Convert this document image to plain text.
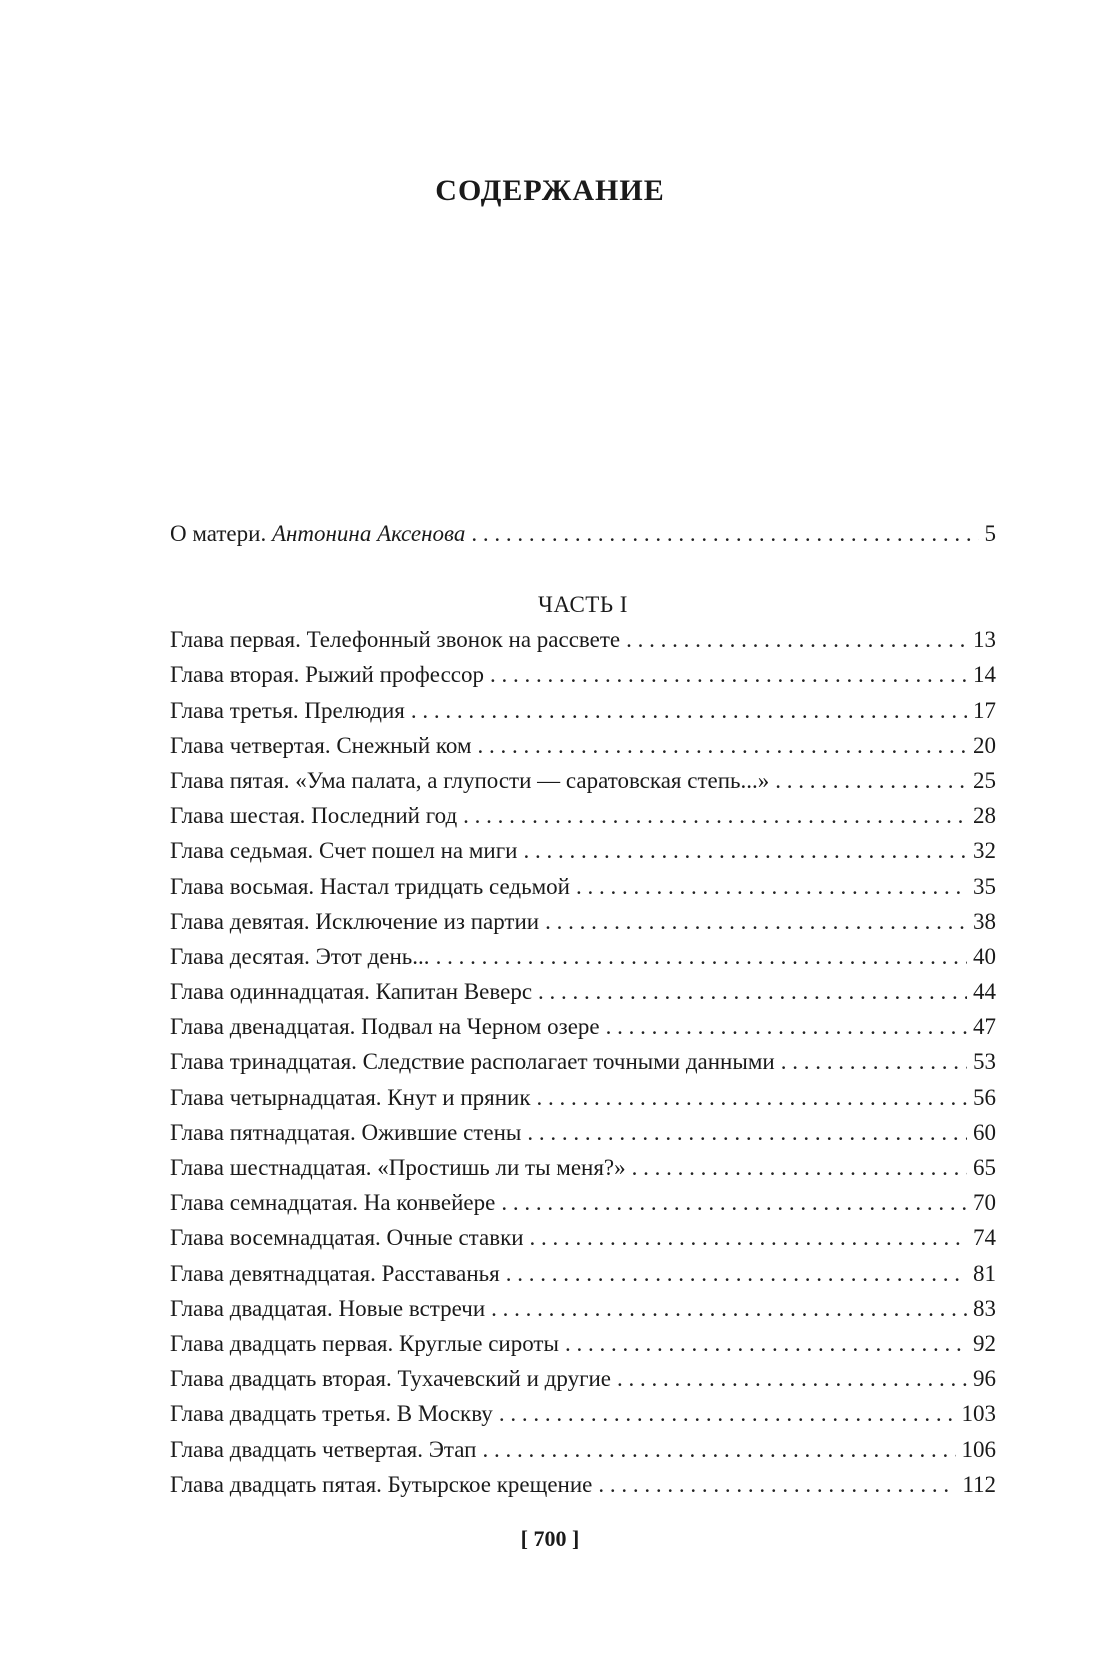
СОДЕРЖАНИЕ
О матери. Антонина Аксенова . . .	5
ЧАСТЬ I
Глава первая. Телефонный звонок на рассвете . . .	13
Глава вторая. Рыжий профессор . . .	14
Глава третья. Прелюдия . . .	17
Глава четвертая. Снежный ком . . .	20
Глава пятая. «Ума палата, а глупости — саратовская степь...» . . .	25
Глава шестая. Последний год . . .	28
Глава седьмая. Счет пошел на миги . . .	32
Глава восьмая. Настал тридцать седьмой . . .	35
Глава девятая. Исключение из партии . . .	38
Глава десятая. Этот день... . . .	40
Глава одиннадцатая. Капитан Веверс . . .	44
Глава двенадцатая. Подвал на Черном озере . . .	47
Глава тринадцатая. Следствие располагает точными данными . . .	53
Глава четырнадцатая. Кнут и пряник . . .	56
Глава пятнадцатая. Ожившие стены . . .	60
Глава шестнадцатая. «Простишь ли ты меня?» . . .	65
Глава семнадцатая. На конвейере . . .	70
Глава восемнадцатая. Очные ставки . . .	74
Глава девятнадцатая. Расставанья . . .	81
Глава двадцатая. Новые встречи . . .	83
Глава двадцать первая. Круглые сироты . . .	92
Глава двадцать вторая. Тухачевский и другие . . .	96
Глава двадцать третья. В Москву . . .	103
Глава двадцать четвертая. Этап . . .	106
Глава двадцать пятая. Бутырское крещение . . .	112
[ 700 ]
